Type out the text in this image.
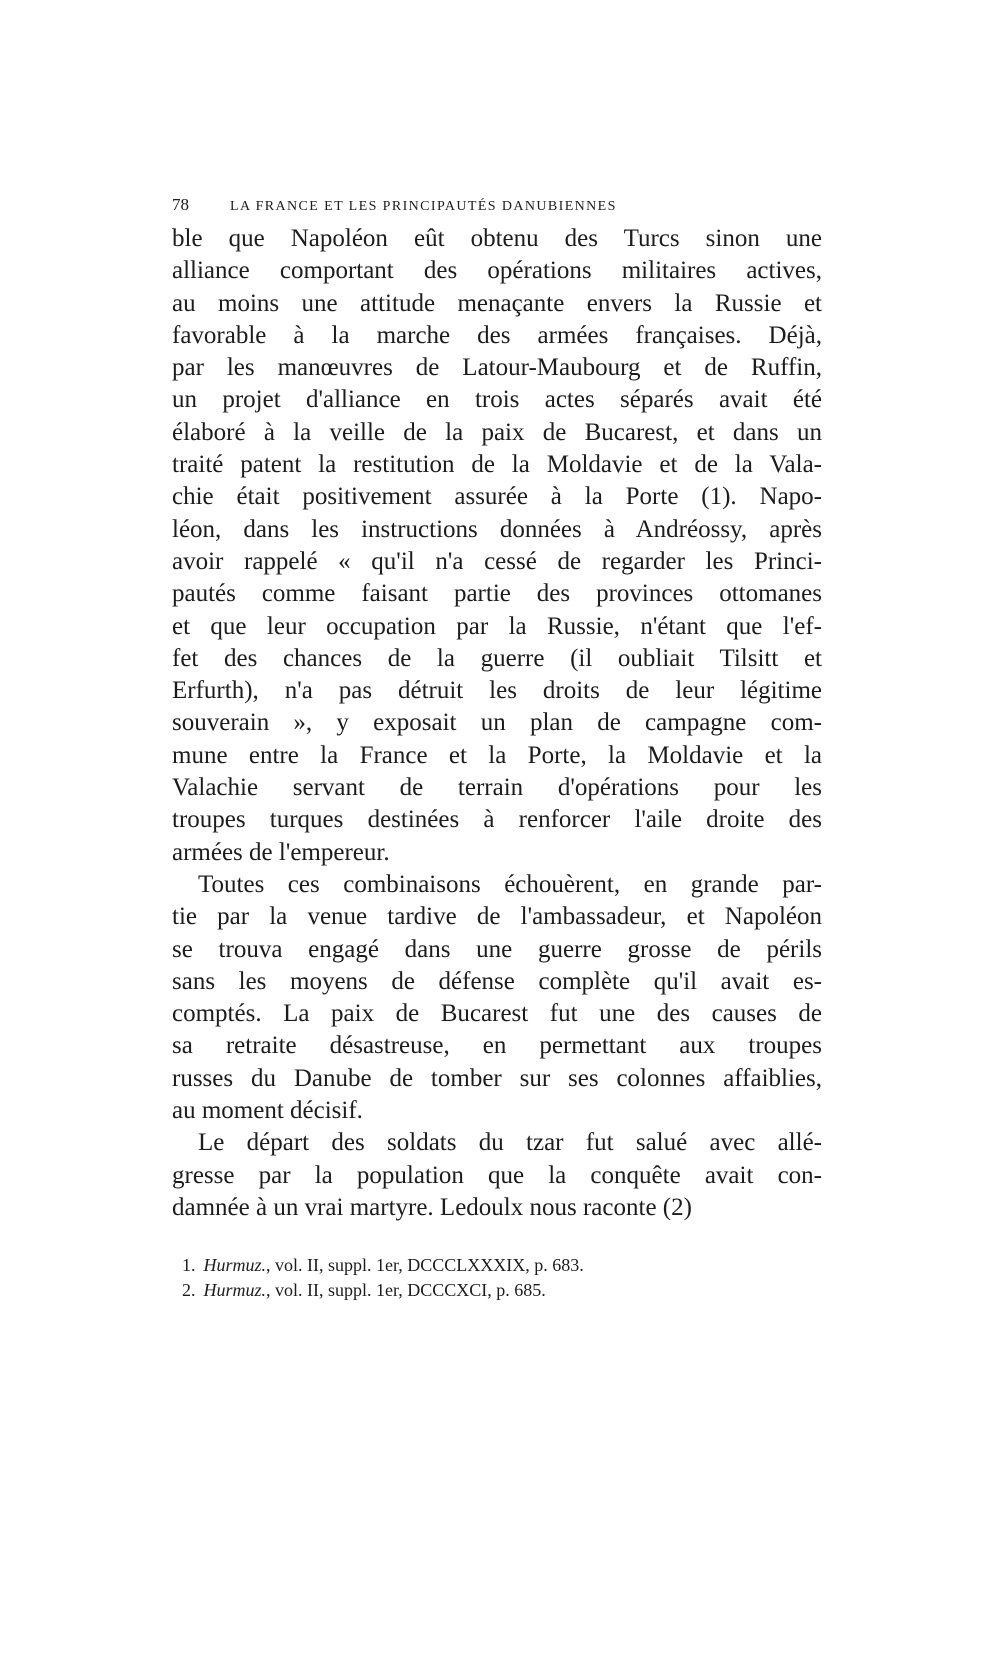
78	LA FRANCE ET LES PRINCIPAUTÉS DANUBIENNES
ble que Napoléon eût obtenu des Turcs sinon une
alliance comportant des opérations militaires actives,
au moins une attitude menaçante envers la Russie et
favorable à la marche des armées françaises. Déjà,
par les manœuvres de Latour-Maubourg et de Ruffin,
un projet d'alliance en trois actes séparés avait été
élaboré à la veille de la paix de Bucarest, et dans un
traité patent la restitution de la Moldavie et de la Vala-
chie était positivement assurée à la Porte (1). Napo-
léon, dans les instructions données à Andréossy, après
avoir rappelé « qu'il n'a cessé de regarder les Princi-
pautés comme faisant partie des provinces ottomanes
et que leur occupation par la Russie, n'étant que l'ef-
fet des chances de la guerre (il oubliait Tilsitt et
Erfurth), n'a pas détruit les droits de leur légitime
souverain », y exposait un plan de campagne com-
mune entre la France et la Porte, la Moldavie et la
Valachie servant de terrain d'opérations pour les
troupes turques destinées à renforcer l'aile droite des
armées de l'empereur.
Toutes ces combinaisons échouèrent, en grande par-
tie par la venue tardive de l'ambassadeur, et Napoléon
se trouva engagé dans une guerre grosse de périls
sans les moyens de défense complète qu'il avait es-
comptés. La paix de Bucarest fut une des causes de
sa retraite désastreuse, en permettant aux troupes
russes du Danube de tomber sur ses colonnes affaiblies,
au moment décisif.
Le départ des soldats du tzar fut salué avec allé-
gresse par la population que la conquête avait con-
damnée à un vrai martyre. Ledoulx nous raconte (2)
1. Hurmuz., vol. II, suppl. 1er, DCCCLXXXIX, p. 683.
2. Hurmuz., vol. II, suppl. 1er, DCCCXCI, p. 685.
